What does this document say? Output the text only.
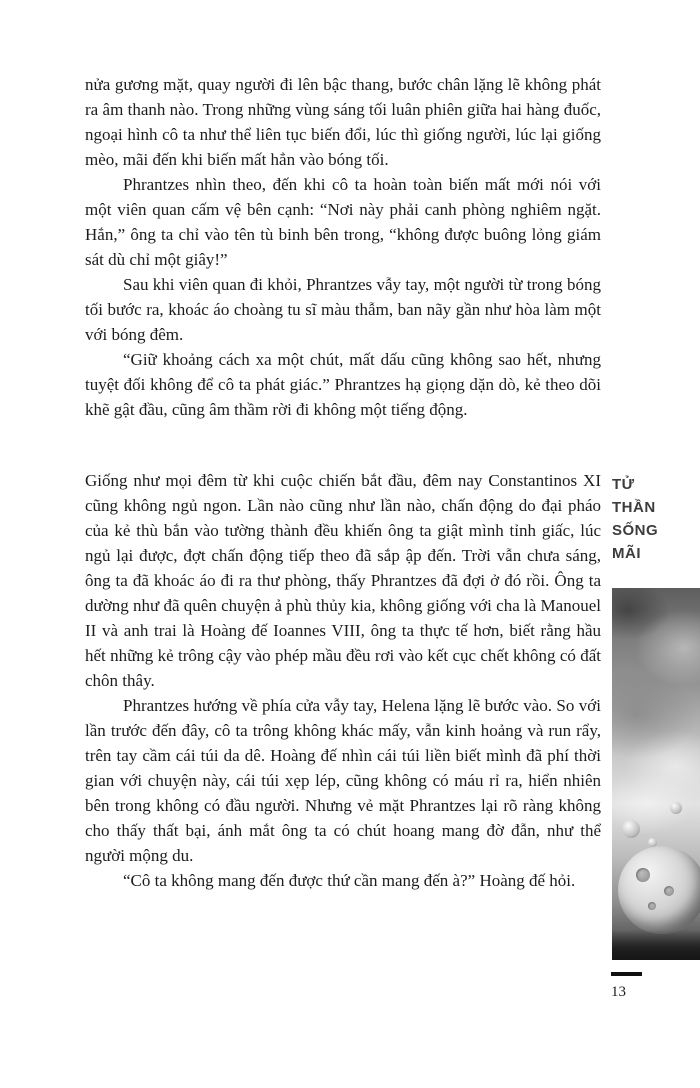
nửa gương mặt, quay người đi lên bậc thang, bước chân lặng lẽ không phát ra âm thanh nào. Trong những vùng sáng tối luân phiên giữa hai hàng đuốc, ngoại hình cô ta như thể liên tục biến đổi, lúc thì giống người, lúc lại giống mèo, mãi đến khi biến mất hẳn vào bóng tối.

Phrantzes nhìn theo, đến khi cô ta hoàn toàn biến mất mới nói với một viên quan cấm vệ bên cạnh: “Nơi này phải canh phòng nghiêm ngặt. Hắn,” ông ta chỉ vào tên tù binh bên trong, “không được buông lỏng giám sát dù chỉ một giây!”

Sau khi viên quan đi khỏi, Phrantzes vẫy tay, một người từ trong bóng tối bước ra, khoác áo choàng tu sĩ màu thẫm, ban nãy gần như hòa làm một với bóng đêm.

“Giữ khoảng cách xa một chút, mất dấu cũng không sao hết, nhưng tuyệt đối không để cô ta phát giác.” Phrantzes hạ giọng dặn dò, kẻ theo dõi khẽ gật đầu, cũng âm thầm rời đi không một tiếng động.

Giống như mọi đêm từ khi cuộc chiến bắt đầu, đêm nay Constantinos XI cũng không ngủ ngon. Lần nào cũng như lần nào, chấn động do đại pháo của kẻ thù bắn vào tường thành đều khiến ông ta giật mình tỉnh giấc, lúc ngủ lại được, đợt chấn động tiếp theo đã sắp ập đến. Trời vẫn chưa sáng, ông ta đã khoác áo đi ra thư phòng, thấy Phrantzes đã đợi ở đó rồi. Ông ta dường như đã quên chuyện ả phù thủy kia, không giống với cha là Manouel II và anh trai là Hoàng đế Ioannes VIII, ông ta thực tế hơn, biết rằng hầu hết những kẻ trông cậy vào phép mầu đều rơi vào kết cục chết không có đất chôn thây.

Phrantzes hướng về phía cửa vẫy tay, Helena lặng lẽ bước vào. So với lần trước đến đây, cô ta trông không khác mấy, vẫn kinh hoảng và run rẩy, trên tay cầm cái túi da dê. Hoàng đế nhìn cái túi liền biết mình đã phí thời gian với chuyện này, cái túi xẹp lép, cũng không có máu rỉ ra, hiển nhiên bên trong không có đầu người. Nhưng vẻ mặt Phrantzes lại rõ ràng không cho thấy thất bại, ánh mắt ông ta có chút hoang mang đờ đẫn, như thể người mộng du.

“Cô ta không mang đến được thứ cần mang đến à?” Hoàng đế hỏi.

TỬ
THẦN
SỐNG
MÃI
13
